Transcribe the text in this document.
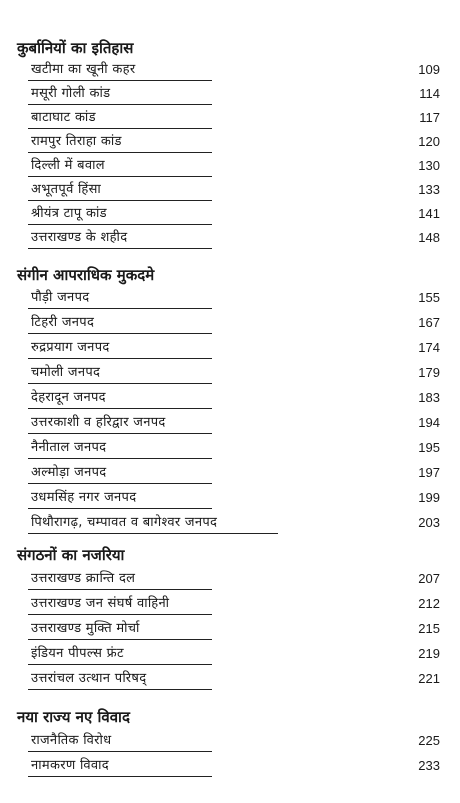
कुर्बानियों का इतिहास
खटीमा का खूनी कहर	109
मसूरी गोली कांड	114
बाटाघाट कांड	117
रामपुर तिराहा कांड	120
दिल्ली में बवाल	130
अभूतपूर्व हिंसा	133
श्रीयंत्र टापू कांड	141
उत्तराखण्ड के शहीद	148
संगीन आपराधिक मुकदमे
पौड़ी जनपद	155
टिहरी जनपद	167
रुद्रप्रयाग जनपद	174
चमोली जनपद	179
देहरादून जनपद	183
उत्तरकाशी व हरिद्वार जनपद	194
नैनीताल जनपद	195
अल्मोड़ा जनपद	197
उधमसिंह नगर जनपद	199
पिथौरागढ़, चम्पावत व बागेश्वर जनपद	203
संगठनों का नजरिया
उत्तराखण्ड क्रान्ति दल	207
उत्तराखण्ड जन संघर्ष वाहिनी	212
उत्तराखण्ड मुक्ति मोर्चा	215
इंडियन पीपल्स फ्रंट	219
उत्तरांचल उत्थान परिषद्	221
नया राज्य नए विवाद
राजनैतिक विरोध	225
नामकरण विवाद	233
